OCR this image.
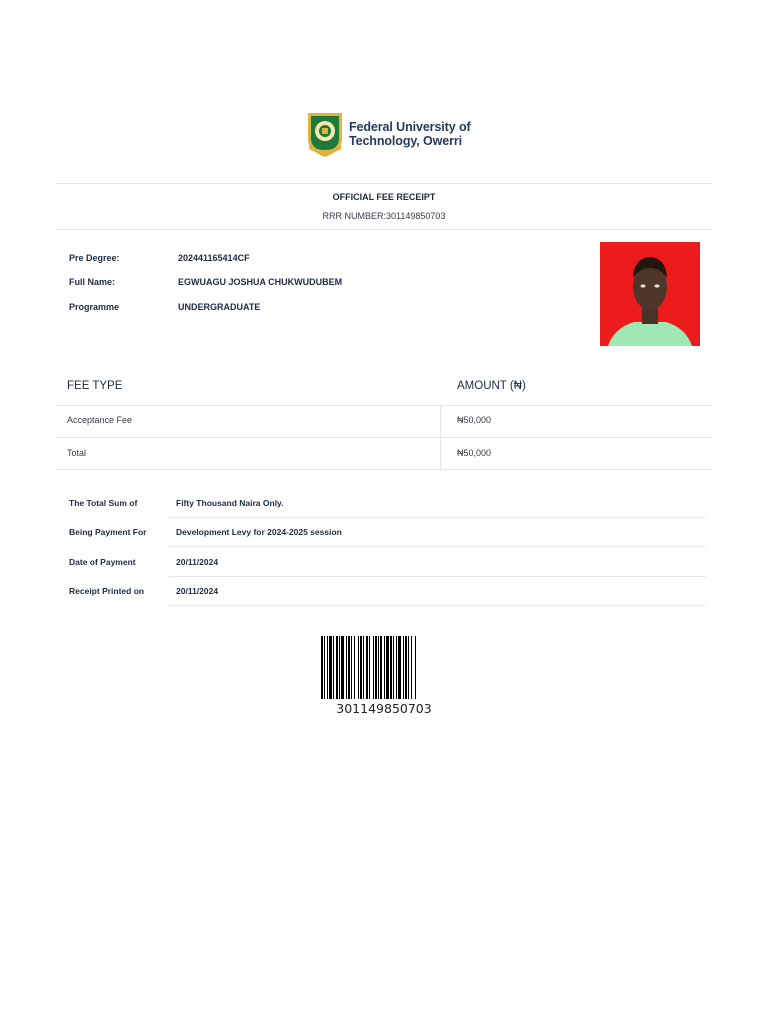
Federal University of
Technology, Owerri
OFFICIAL FEE RECEIPT
RRR NUMBER:301149850703
Pre Degree:	202441165414CF
Full Name:	EGWUAGU JOSHUA CHUKWUDUBEM
Programme	UNDERGRADUATE
FEE TYPE	AMOUNT (₦)
Acceptance Fee	₦50,000
Total	₦50,000
The Total Sum of	Fifty Thousand Naira Only.
Being Payment For	Development Levy for 2024-2025 session
Date of Payment	20/11/2024
Receipt Printed on	20/11/2024
301149850703
